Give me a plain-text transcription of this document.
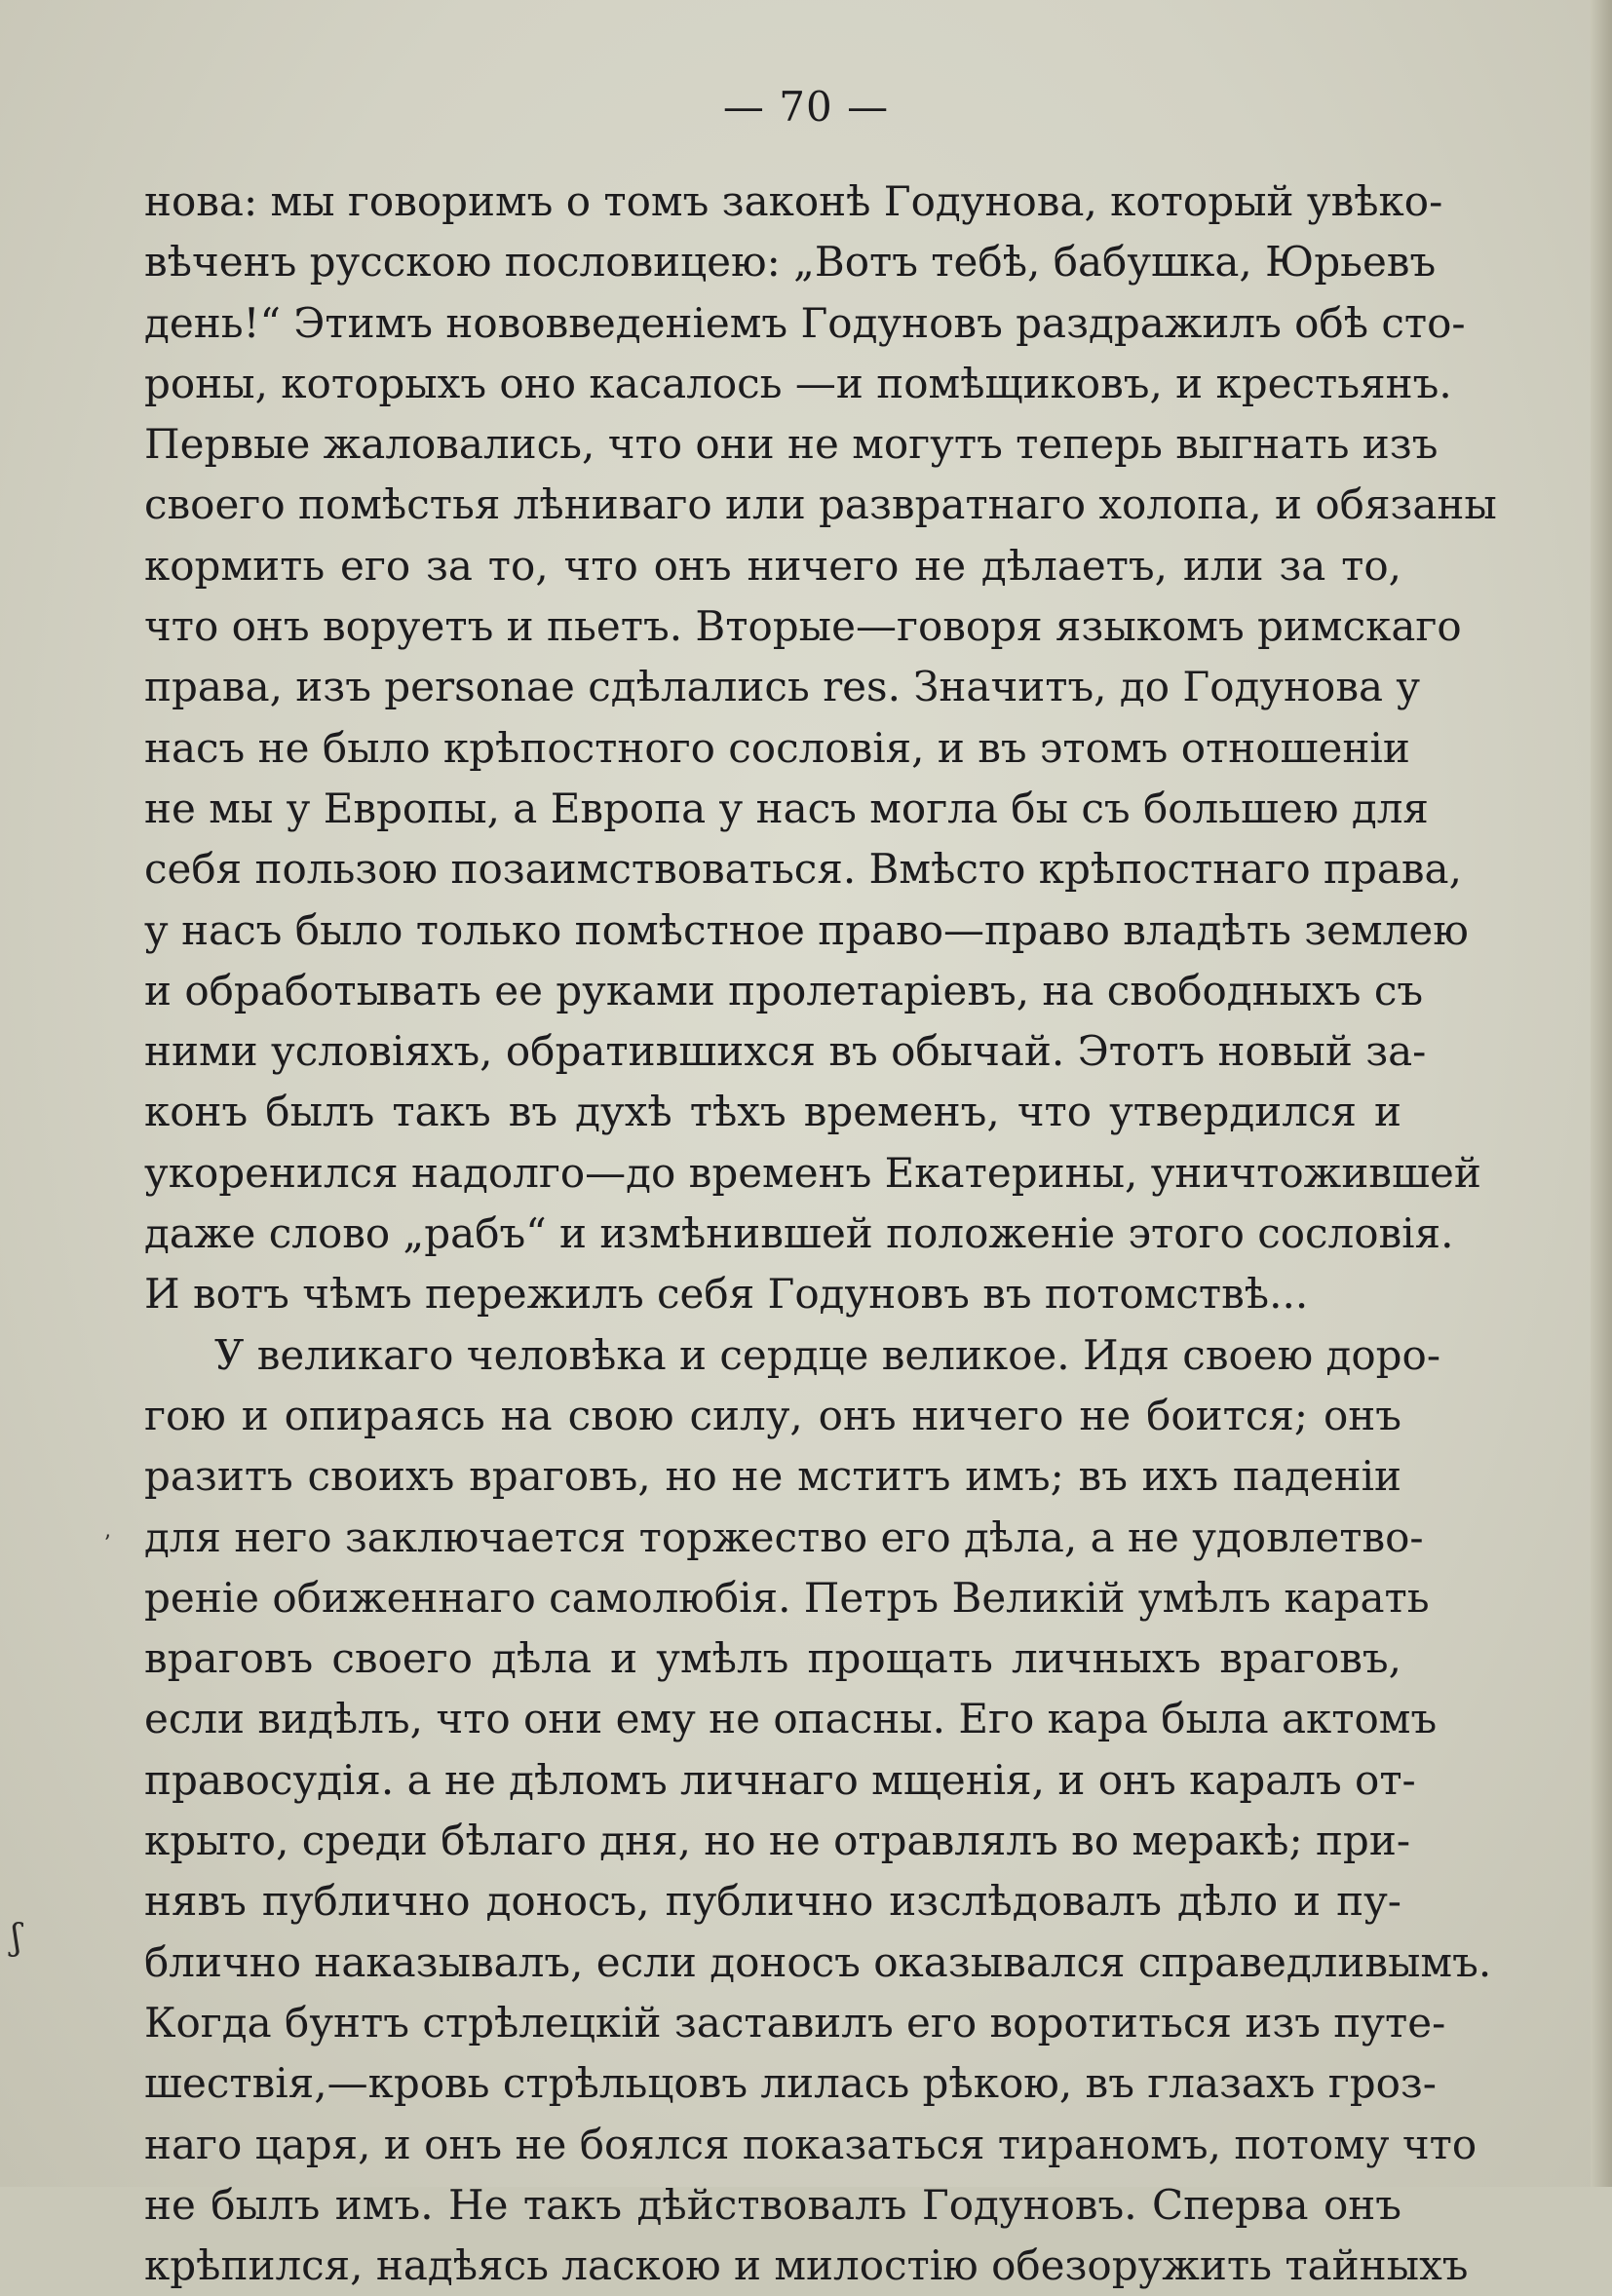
— 70 —
нова: мы говоримъ о томъ законѣ Годунова, который увѣко-
вѣченъ русскою пословицею: „Вотъ тебѣ, бабушка, Юрьевъ
день!“ Этимъ нововведеніемъ Годуновъ раздражилъ обѣ сто-
роны, которыхъ оно касалось —и помѣщиковъ, и крестьянъ.
Первые жаловались, что они не могутъ теперь выгнать изъ
своего помѣстья лѣниваго или развратнаго холопа, и обязаны
кормить его за то, что онъ ничего не дѣлаетъ, или за то,
что онъ воруетъ и пьетъ. Вторые—говоря языкомъ римскаго
права, изъ personae сдѣлались res. Значитъ, до Годунова у
насъ не было крѣпостного сословія, и въ этомъ отношеніи
не мы у Европы, а Европа у насъ могла бы съ большею для
себя пользою позаимствоваться. Вмѣсто крѣпостнаго права,
у насъ было только помѣстное право—право владѣть землею
и обработывать ее руками пролетаріевъ, на свободныхъ съ
ними условіяхъ, обратившихся въ обычай. Этотъ новый за-
конъ былъ такъ въ духѣ тѣхъ временъ, что утвердился и
укоренился надолго—до временъ Екатерины, уничтожившей
даже слово „рабъ“ и измѣнившей положеніе этого сословія.
И вотъ чѣмъ пережилъ себя Годуновъ въ потомствѣ...
У великаго человѣка и сердце великое. Идя своею доро-
гою и опираясь на свою силу, онъ ничего не боится; онъ
разитъ своихъ враговъ, но не мститъ имъ; въ ихъ паденіи
для него заключается торжество его дѣла, а не удовлетво-
реніе обиженнаго самолюбія. Петръ Великій умѣлъ карать
враговъ своего дѣла и умѣлъ прощать личныхъ враговъ,
если видѣлъ, что они ему не опасны. Его кара была актомъ
правосудія. а не дѣломъ личнаго мщенія, и онъ каралъ от-
крыто, среди бѣлаго дня, но не отравлялъ во меракѣ; при-
нявъ публично доносъ, публично изслѣдовалъ дѣло и пу-
блично наказывалъ, если доносъ оказывался справедливымъ.
Когда бунтъ стрѣлецкій заставилъ его воротиться изъ путе-
шествія,—кровь стрѣльцовъ лилась рѣкою, въ глазахъ гроз-
наго царя, и онъ не боялся показаться тираномъ, потому что
не былъ имъ. Не такъ дѣйствовалъ Годуновъ. Сперва онъ
крѣпился, надѣясь ласкою и милостію обезоружить тайныхъ
ʼ
ʃ
